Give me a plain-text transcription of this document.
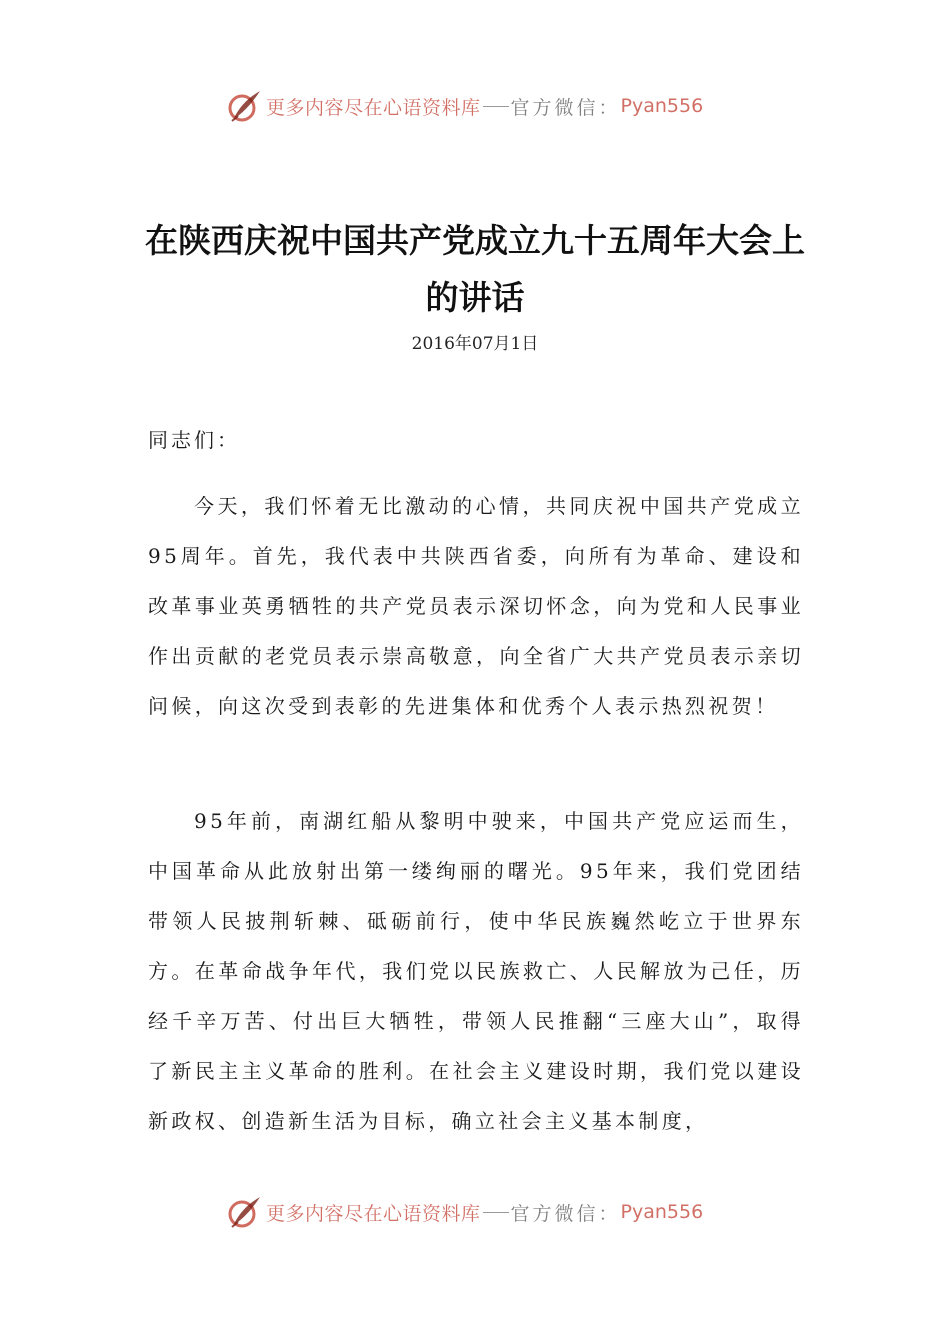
更多内容尽在心语资料库 官方微信： Pyan556
在陕西庆祝中国共产党成立九十五周年大会上的讲话
2016年07月1日

同志们：

今天，我们怀着无比激动的心情，共同庆祝中国共产党成立95周年。首先，我代表中共陕西省委，向所有为革命、建设和改革事业英勇牺牲的共产党员表示深切怀念，向为党和人民事业作出贡献的老党员表示崇高敬意，向全省广大共产党员表示亲切问候，向这次受到表彰的先进集体和优秀个人表示热烈祝贺！

95年前，南湖红船从黎明中驶来，中国共产党应运而生，中国革命从此放射出第一缕绚丽的曙光。95年来，我们党团结带领人民披荆斩棘、砥砺前行，使中华民族巍然屹立于世界东方。在革命战争年代，我们党以民族救亡、人民解放为己任，历经千辛万苦、付出巨大牺牲，带领人民推翻“三座大山”，取得了新民主主义革命的胜利。在社会主义建设时期，我们党以建设新政权、创造新生活为目标，确立社会主义基本制度，

更多内容尽在心语资料库 官方微信： Pyan556
